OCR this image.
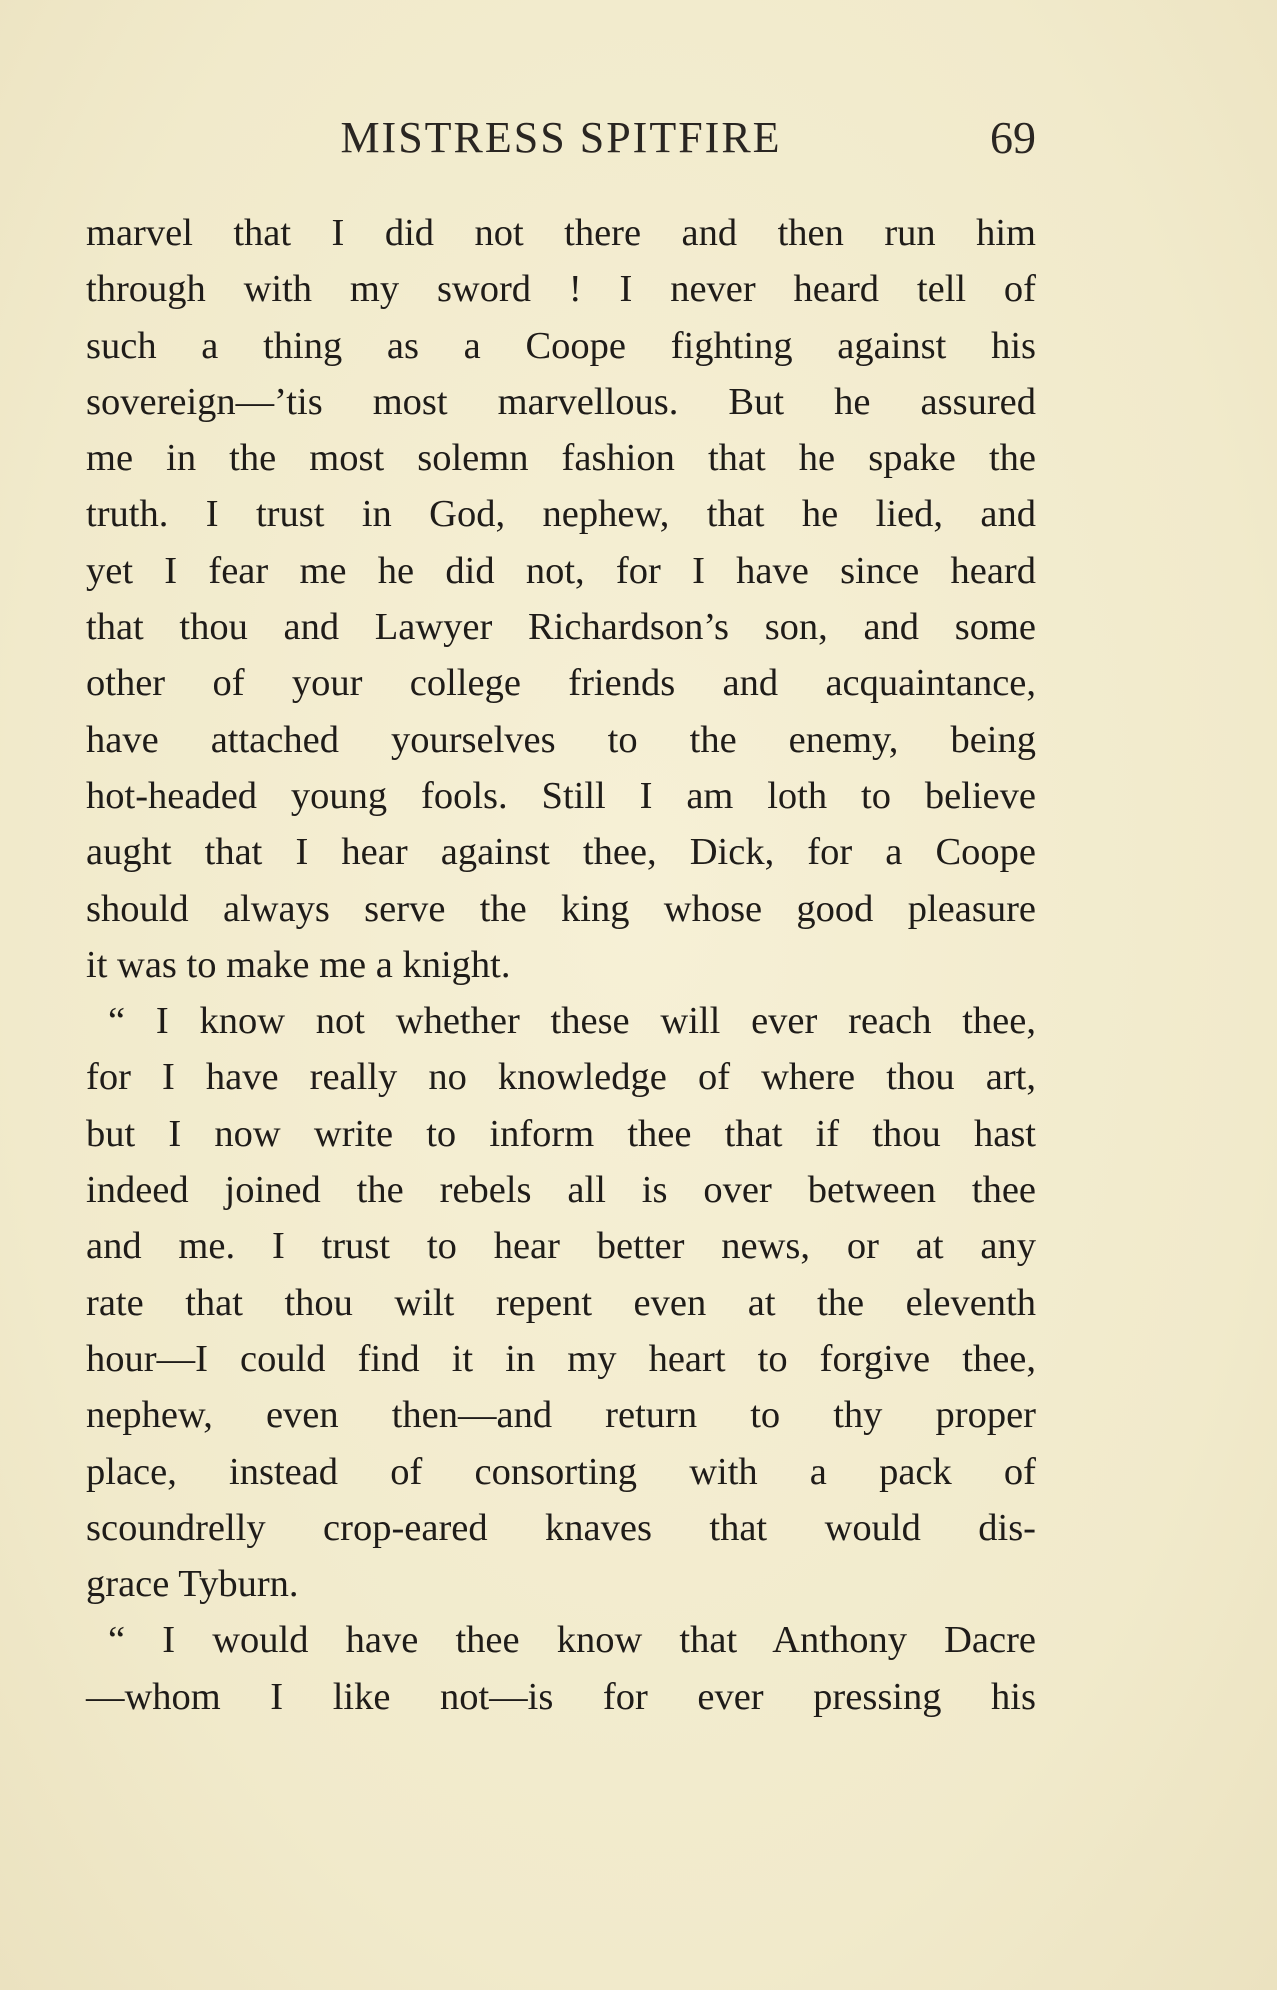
MISTRESS SPITFIRE	69
marvel that I did not there and then run him
through with my sword ! I never heard tell of
such a thing as a Coope fighting against his
sovereign—’tis most marvellous. But he assured
me in the most solemn fashion that he spake the
truth. I trust in God, nephew, that he lied, and
yet I fear me he did not, for I have since heard
that thou and Lawyer Richardson’s son, and some
other of your college friends and acquaintance,
have attached yourselves to the enemy, being
hot-headed young fools. Still I am loth to believe
aught that I hear against thee, Dick, for a Coope
should always serve the king whose good pleasure
it was to make me a knight.
“ I know not whether these will ever reach thee,
for I have really no knowledge of where thou art,
but I now write to inform thee that if thou hast
indeed joined the rebels all is over between thee
and me. I trust to hear better news, or at any
rate that thou wilt repent even at the eleventh
hour—I could find it in my heart to forgive thee,
nephew, even then—and return to thy proper
place, instead of consorting with a pack of
scoundrelly crop-eared knaves that would dis-
grace Tyburn.
“ I would have thee know that Anthony Dacre
—whom I like not—is for ever pressing his
